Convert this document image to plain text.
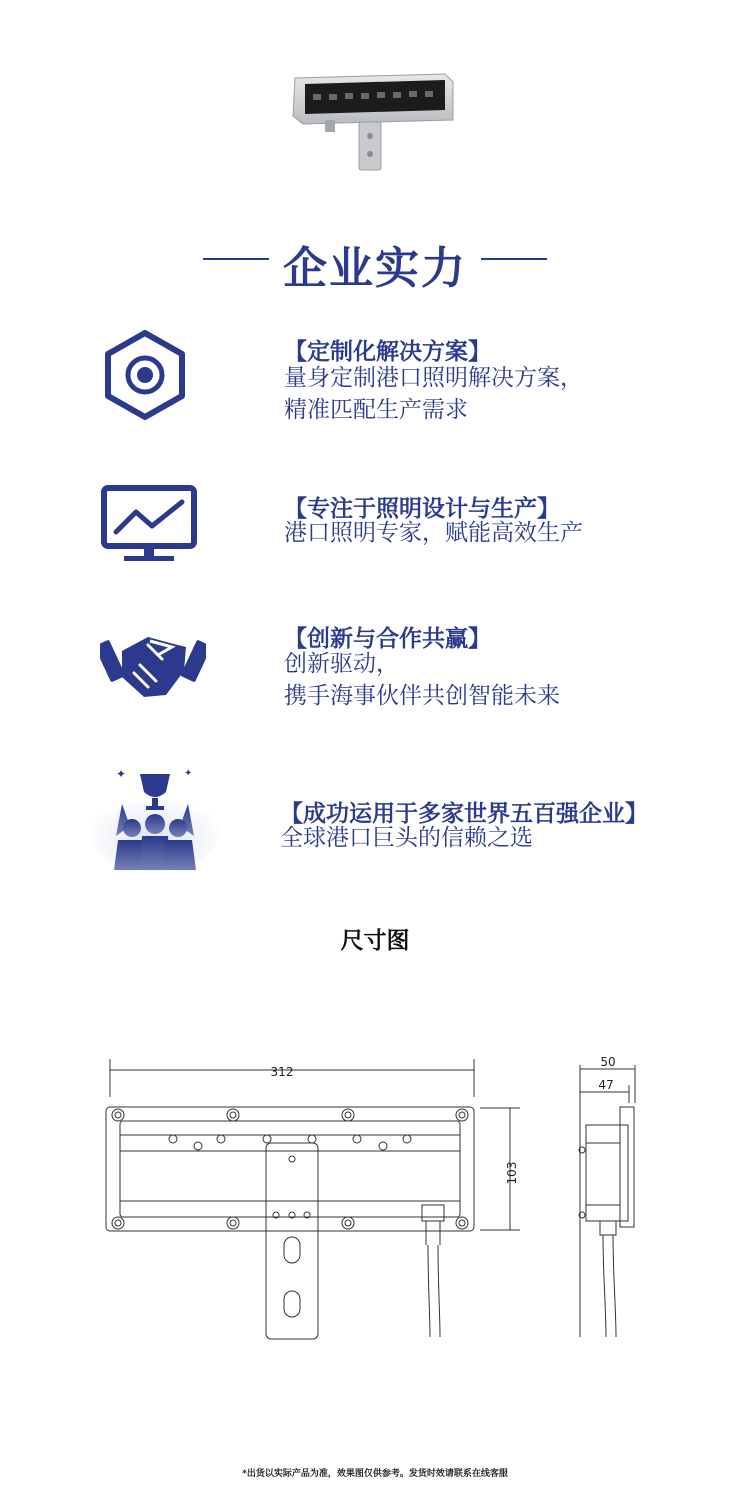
企业实力
【定制化解决方案】
量身定制港口照明解决方案，
精准匹配生产需求
【专注于照明设计与生产】
港口照明专家，赋能高效生产
【创新与合作共赢】
创新驱动，
携手海事伙伴共创智能未来
✦	✦
【成功运用于多家世界五百强企业】
全球港口巨头的信赖之选
尺寸图
312
103
50
47
*出货以实际产品为准，效果图仅供参考。发货时效请联系在线客服
